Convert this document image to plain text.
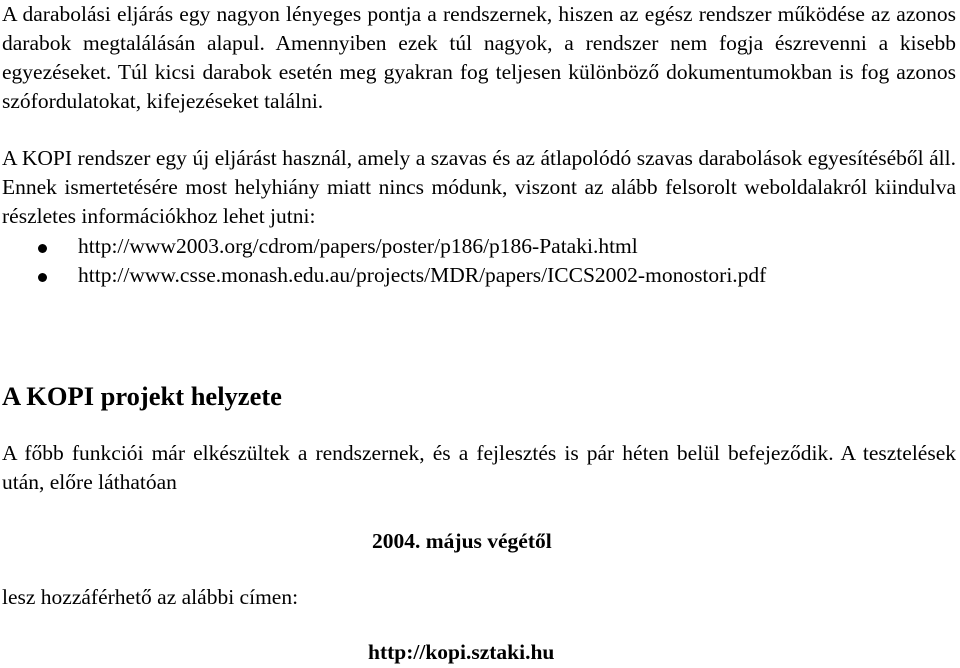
A darabolási eljárás egy nagyon lényeges pontja a rendszernek, hiszen az egész rendszer működése az azonos darabok megtalálásán alapul. Amennyiben ezek túl nagyok, a rendszer nem fogja észrevenni a kisebb egyezéseket. Túl kicsi darabok esetén meg gyakran fog teljesen különböző dokumentumokban is fog azonos szófordulatokat, kifejezéseket találni.

A KOPI rendszer egy új eljárást használ, amely a szavas és az átlapolódó szavas darabolások egyesítéséből áll. Ennek ismertetésére most helyhiány miatt nincs módunk, viszont az alább felsorolt weboldalakról kiindulva részletes információkhoz lehet jutni:

http://www2003.org/cdrom/papers/poster/p186/p186-Pataki.html
http://www.csse.monash.edu.au/projects/MDR/papers/ICCS2002-monostori.pdf
A KOPI projekt helyzete

A főbb funkciói már elkészültek a rendszernek, és a fejlesztés is pár héten belül befejeződik. A tesztelések után, előre láthatóan

2004. május végétől
lesz hozzáférhető az alábbi címen:
http://kopi.sztaki.hu
